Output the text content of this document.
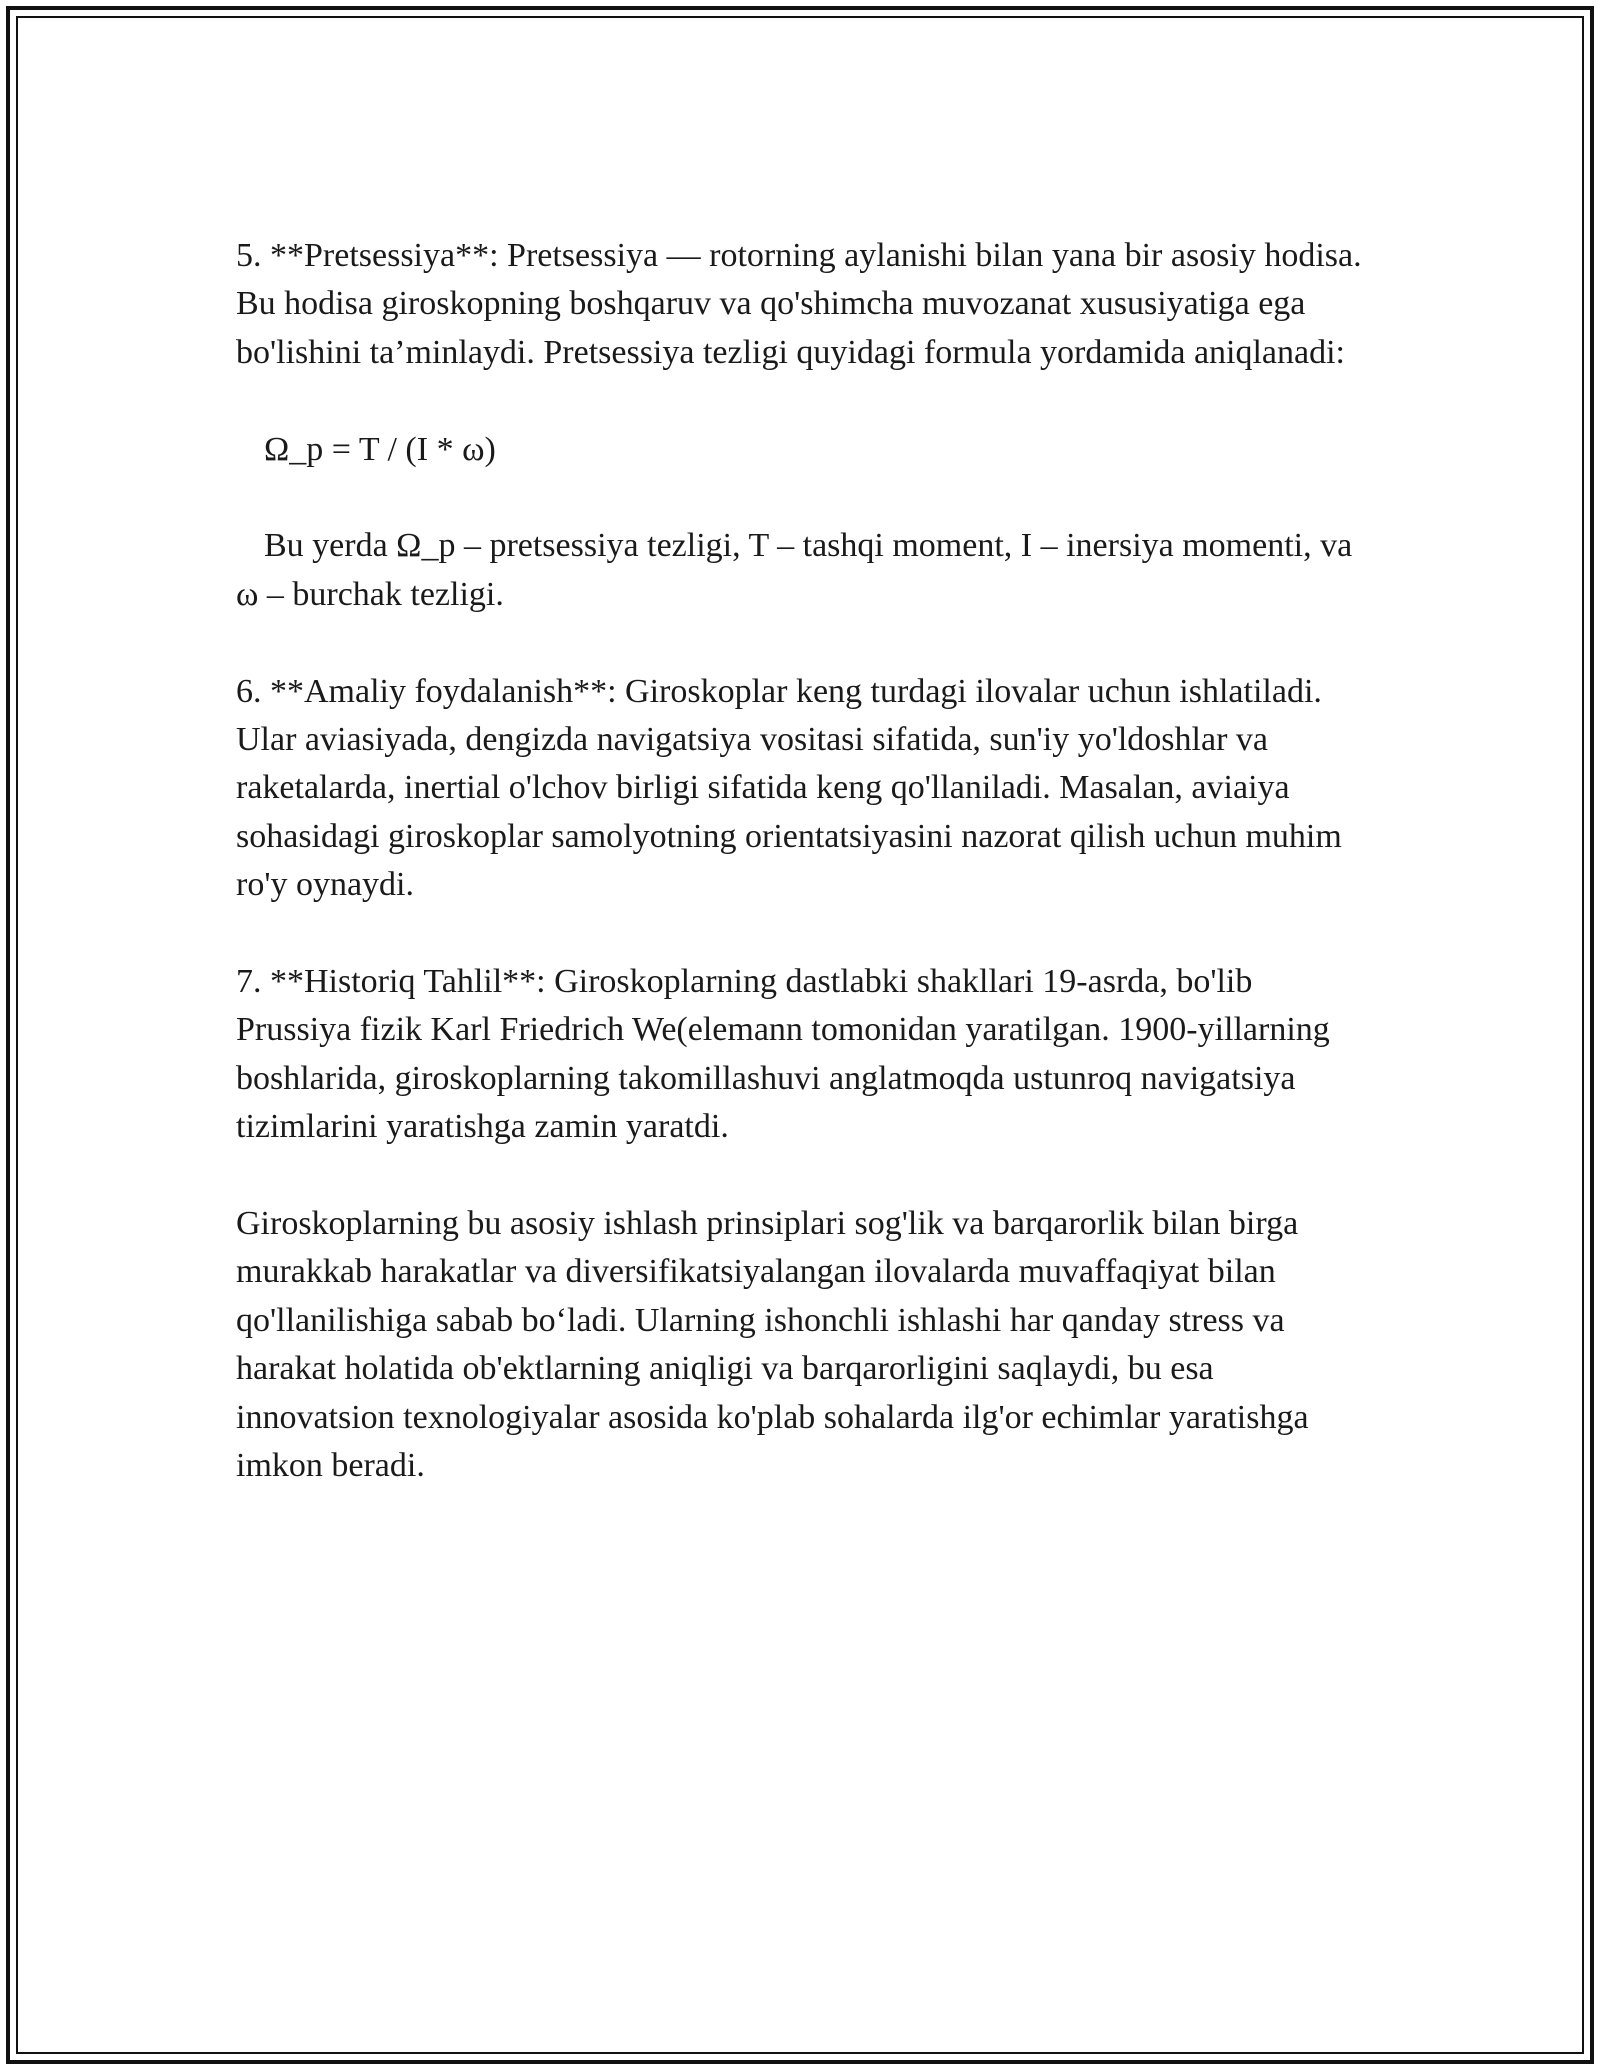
5. **Pretsessiya**: Pretsessiya — rotorning aylanishi bilan yana bir asosiy hodisa. Bu hodisa giroskopning boshqaruv va qo'shimcha muvozanat xususiyatiga ega bo'lishini ta’minlaydi. Pretsessiya tezligi quyidagi formula yordamida aniqlanadi:

Ω_p = T / (I * ω)

Bu yerda Ω_p – pretsessiya tezligi, T – tashqi moment, I – inersiya momenti, va ω – burchak tezligi.

6. **Amaliy foydalanish**: Giroskoplar keng turdagi ilovalar uchun ishlatiladi. Ular aviasiyada, dengizda navigatsiya vositasi sifatida, sun'iy yo'ldoshlar va raketalarda, inertial o'lchov birligi sifatida keng qo'llaniladi. Masalan, aviaiya sohasidagi giroskoplar samolyotning orientatsiyasini nazorat qilish uchun muhim ro'y oynaydi.

7. **Historiq Tahlil**: Giroskoplarning dastlabki shakllari 19-asrda, bo'lib Prussiya fizik Karl Friedrich We(elemann tomonidan yaratilgan. 1900-yillarning boshlarida, giroskoplarning takomillashuvi anglatmoqda ustunroq navigatsiya tizimlarini yaratishga zamin yaratdi.

Giroskoplarning bu asosiy ishlash prinsiplari sog'lik va barqarorlik bilan birga murakkab harakatlar va diversifikatsiyalangan ilovalarda muvaffaqiyat bilan qo'llanilishiga sabab bo‘ladi. Ularning ishonchli ishlashi har qanday stress va harakat holatida ob'ektlarning aniqligi va barqarorligini saqlaydi, bu esa innovatsion texnologiyalar asosida ko'plab sohalarda ilg'or echimlar yaratishga imkon beradi.
